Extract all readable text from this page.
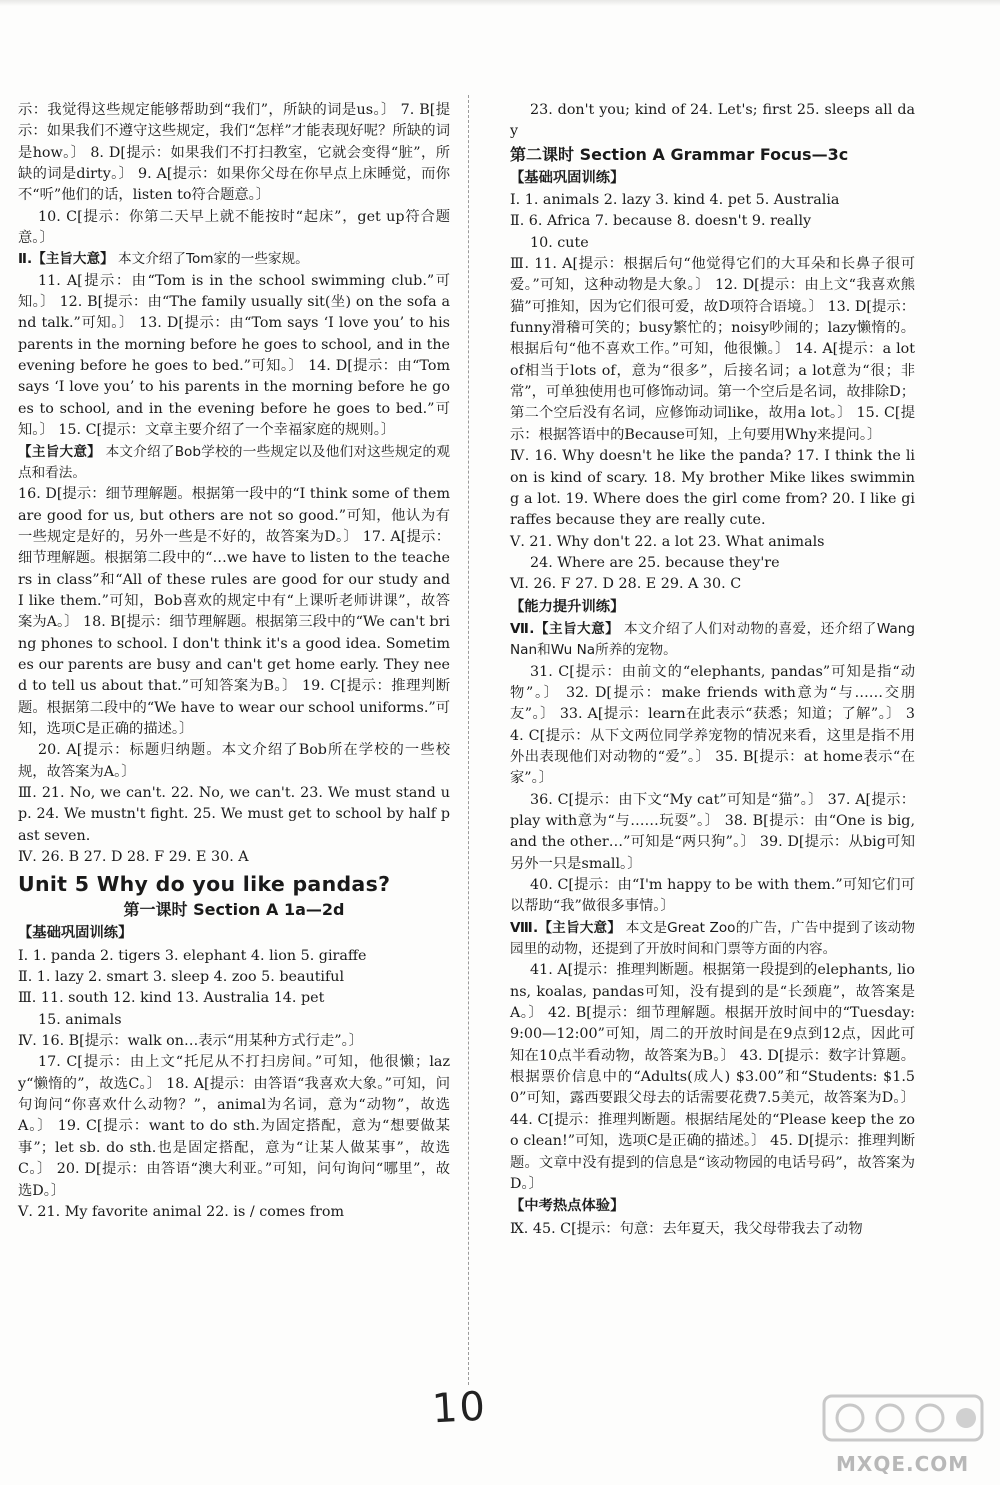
示：我觉得这些规定能够帮助到“我们”，所缺的词是us。〕 7. B[提示：如果我们不遵守这些规定，我们“怎样”才能表现好呢？所缺的词是how。〕 8. D[提示：如果我们不打扫教室，它就会变得“脏”，所缺的词是dirty。〕 9. A[提示：如果你父母在你早点上床睡觉，而你不“听”他们的话，listen to符合题意。〕

10. C[提示：你第二天早上就不能按时“起床”，get up符合题意。〕

Ⅱ.【主旨大意】 本文介绍了Tom家的一些家规。

11. A[提示：由“Tom is in the school swimming club.”可知。〕 12. B[提示：由“The family usually sit(坐) on the sofa and talk.”可知。〕 13. D[提示：由“Tom says ‘I love you’ to his parents in the morning before he goes to school, and in the evening before he goes to bed.”可知。〕 14. D[提示：由“Tom says ‘I love you’ to his parents in the morning before he goes to school, and in the evening before he goes to bed.”可知。〕 15. C[提示：文章主要介绍了一个幸福家庭的规则。〕

【主旨大意】 本文介绍了Bob学校的一些规定以及他们对这些规定的观点和看法。

16. D[提示：细节理解题。根据第一段中的“I think some of them are good for us, but others are not so good.”可知，他认为有一些规定是好的，另外一些是不好的，故答案为D。〕 17. A[提示：细节理解题。根据第二段中的“…we have to listen to the teachers in class”和“All of these rules are good for our study and I like them.”可知，Bob喜欢的规定中有“上课听老师讲课”，故答案为A。〕 18. B[提示：细节理解题。根据第三段中的“We can't bring phones to school. I don't think it's a good idea. Sometimes our parents are busy and can't get home early. They need to tell us about that.”可知答案为B。〕 19. C[提示：推理判断题。根据第二段中的“We have to wear our school uniforms.”可知，选项C是正确的描述。〕

20. A[提示：标题归纳题。本文介绍了Bob所在学校的一些校规，故答案为A。〕

Ⅲ. 21. No, we can't. 22. No, we can't. 23. We must stand up. 24. We mustn't fight. 25. We must get to school by half past seven.

Ⅳ. 26. B 27. D 28. F 29. E 30. A

Unit 5 Why do you like pandas?
第一课时 Section A 1a—2d
【基础巩固训练】

Ⅰ. 1. panda 2. tigers 3. elephant 4. lion 5. giraffe

Ⅱ. 1. lazy 2. smart 3. sleep 4. zoo 5. beautiful

Ⅲ. 11. south 12. kind 13. Australia 14. pet

15. animals

Ⅳ. 16. B[提示：walk on…表示“用某种方式行走”。〕

17. C[提示：由上文“托尼从不打扫房间。”可知，他很懒；lazy“懒惰的”，故选C。〕 18. A[提示：由答语“我喜欢大象。”可知，问句询问“你喜欢什么动物？”，animal为名词，意为“动物”，故选A。〕 19. C[提示：want to do sth.为固定搭配，意为“想要做某事”；let sb. do sth.也是固定搭配，意为“让某人做某事”，故选C。〕 20. D[提示：由答语“澳大利亚。”可知，问句询问“哪里”，故选D。〕

Ⅴ. 21. My favorite animal 22. is / comes from

23. don't you; kind of 24. Let's; first 25. sleeps all day

第二课时 Section A Grammar Focus—3c
【基础巩固训练】

Ⅰ. 1. animals 2. lazy 3. kind 4. pet 5. Australia

Ⅱ. 6. Africa 7. because 8. doesn't 9. really

10. cute

Ⅲ. 11. A[提示：根据后句“他觉得它们的大耳朵和长鼻子很可爱。”可知，这种动物是大象。〕 12. D[提示：由上文“我喜欢熊猫”可推知，因为它们很可爱，故D项符合语境。〕 13. D[提示：funny滑稽可笑的；busy繁忙的；noisy吵闹的；lazy懒惰的。根据后句“他不喜欢工作。”可知，他很懒。〕 14. A[提示：a lot of相当于lots of，意为“很多”，后接名词；a lot意为“很；非常”，可单独使用也可修饰动词。第一个空后是名词，故排除D；第二个空后没有名词，应修饰动词like，故用a lot。〕 15. C[提示：根据答语中的Because可知，上句要用Why来提问。〕

Ⅳ. 16. Why doesn't he like the panda? 17. I think the lion is kind of scary. 18. My brother Mike likes swimming a lot. 19. Where does the girl come from? 20. I like giraffes because they are really cute.

Ⅴ. 21. Why don't 22. a lot 23. What animals

24. Where are 25. because they're

Ⅵ. 26. F 27. D 28. E 29. A 30. C

【能力提升训练】

Ⅶ.【主旨大意】 本文介绍了人们对动物的喜爱，还介绍了Wang Nan和Wu Na所养的宠物。

31. C[提示：由前文的“elephants, pandas”可知是指“动物”。〕 32. D[提示：make friends with意为“与……交朋友”。〕 33. A[提示：learn在此表示“获悉；知道；了解”。〕 34. C[提示：从下文两位同学养宠物的情况来看，这里是指不用外出表现他们对动物的“爱”。〕 35. B[提示：at home表示“在家”。〕

36. C[提示：由下文“My cat”可知是“猫”。〕 37. A[提示：play with意为“与……玩耍”。〕 38. B[提示：由“One is big, and the other…”可知是“两只狗”。〕 39. D[提示：从big可知另外一只是small。〕

40. C[提示：由“I'm happy to be with them.”可知它们可以帮助“我”做很多事情。〕

Ⅷ.【主旨大意】 本文是Great Zoo的广告，广告中提到了该动物园里的动物，还提到了开放时间和门票等方面的内容。

41. A[提示：推理判断题。根据第一段提到的elephants, lions, koalas, pandas可知，没有提到的是“长颈鹿”，故答案是A。〕 42. B[提示：细节理解题。根据开放时间中的“Tuesday: 9:00—12:00”可知，周二的开放时间是在9点到12点，因此可知在10点半看动物，故答案为B。〕 43. D[提示：数字计算题。根据票价信息中的“Adults(成人) $3.00”和“Students: $1.50”可知，露西要跟父母去的话需要花费7.5美元，故答案为D。〕 44. C[提示：推理判断题。根据结尾处的“Please keep the zoo clean!”可知，选项C是正确的描述。〕 45. D[提示：推理判断题。文章中没有提到的信息是“该动物园的电话号码”，故答案为D。〕

【中考热点体验】

Ⅸ. 45. C[提示：句意：去年夏天，我父母带我去了动物

10
MXQE.COM
